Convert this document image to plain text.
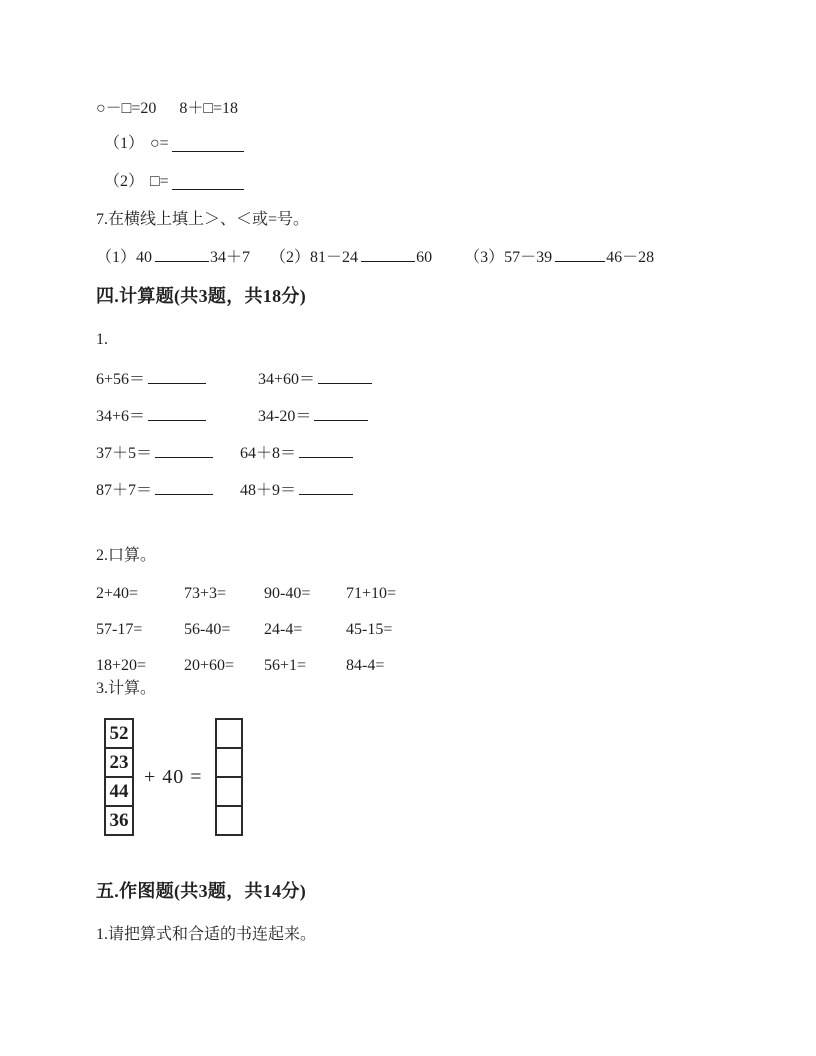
○－□=20 8＋□=18
（1） ○=
（2） □=
7.在横线上填上＞、＜或=号。
（1） 40	34＋7
（2） 81－24	60
（3） 57－39	46－28
四.计算题(共3题，共18分)
1.
6+56＝	34+60＝
34+6＝	34-20＝
37＋5＝	64＋8＝
87＋7＝	48＋9＝
2.口算。
2+40=	73+3=	90-40=	71+10=
57-17=	56-40=	24-4=	45-15=
18+20=	20+60=	56+1=	84-4=
3.计算。
52
23
44
36
+ 40 =

五.作图题(共3题，共14分)
1.请把算式和合适的书连起来。
